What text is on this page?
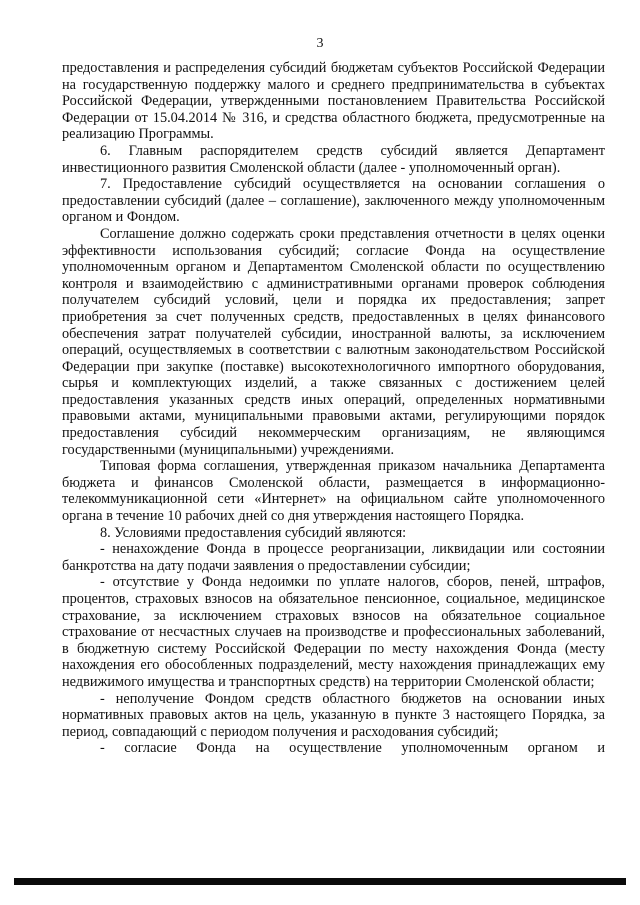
3

предоставления и распределения субсидий бюджетам субъектов Российской Федерации на государственную поддержку малого и среднего предпринимательства в субъектах Российской Федерации, утвержденными постановлением Правительства Российской Федерации от 15.04.2014 № 316, и средства областного бюджета, предусмотренные на реализацию Программы.

6. Главным распорядителем средств субсидий является Департамент инвестиционного развития Смоленской области (далее - уполномоченный орган).

7. Предоставление субсидий осуществляется на основании соглашения о предоставлении субсидий (далее – соглашение), заключенного между уполномоченным органом и Фондом.

Соглашение должно содержать сроки представления отчетности в целях оценки эффективности использования субсидий; согласие Фонда на осуществление уполномоченным органом и Департаментом Смоленской области по осуществлению контроля и взаимодействию с административными органами проверок соблюдения получателем субсидий условий, цели и порядка их предоставления; запрет приобретения за счет полученных средств, предоставленных в целях финансового обеспечения затрат получателей субсидии, иностранной валюты, за исключением операций, осуществляемых в соответствии с валютным законодательством Российской Федерации при закупке (поставке) высокотехнологичного импортного оборудования, сырья и комплектующих изделий, а также связанных с достижением целей предоставления указанных средств иных операций, определенных нормативными правовыми актами, муниципальными правовыми актами, регулирующими порядок предоставления субсидий некоммерческим организациям, не являющимся государственными (муниципальными) учреждениями.

Типовая форма соглашения, утвержденная приказом начальника Департамента бюджета и финансов Смоленской области, размещается в информационно-телекоммуникационной сети «Интернет» на официальном сайте уполномоченного органа в течение 10 рабочих дней со дня утверждения настоящего Порядка.

8. Условиями предоставления субсидий являются:

- ненахождение Фонда в процессе реорганизации, ликвидации или состоянии банкротства на дату подачи заявления о предоставлении субсидии;

- отсутствие у Фонда недоимки по уплате налогов, сборов, пеней, штрафов, процентов, страховых взносов на обязательное пенсионное, социальное, медицинское страхование, за исключением страховых взносов на обязательное социальное страхование от несчастных случаев на производстве и профессиональных заболеваний, в бюджетную систему Российской Федерации по месту нахождения Фонда (месту нахождения его обособленных подразделений, месту нахождения принадлежащих ему недвижимого имущества и транспортных средств) на территории Смоленской области;

- неполучение Фондом средств областного бюджетов на основании иных нормативных правовых актов на цель, указанную в пункте 3 настоящего Порядка, за период, совпадающий с периодом получения и расходования субсидий;

- согласие Фонда на осуществление уполномоченным органом и
